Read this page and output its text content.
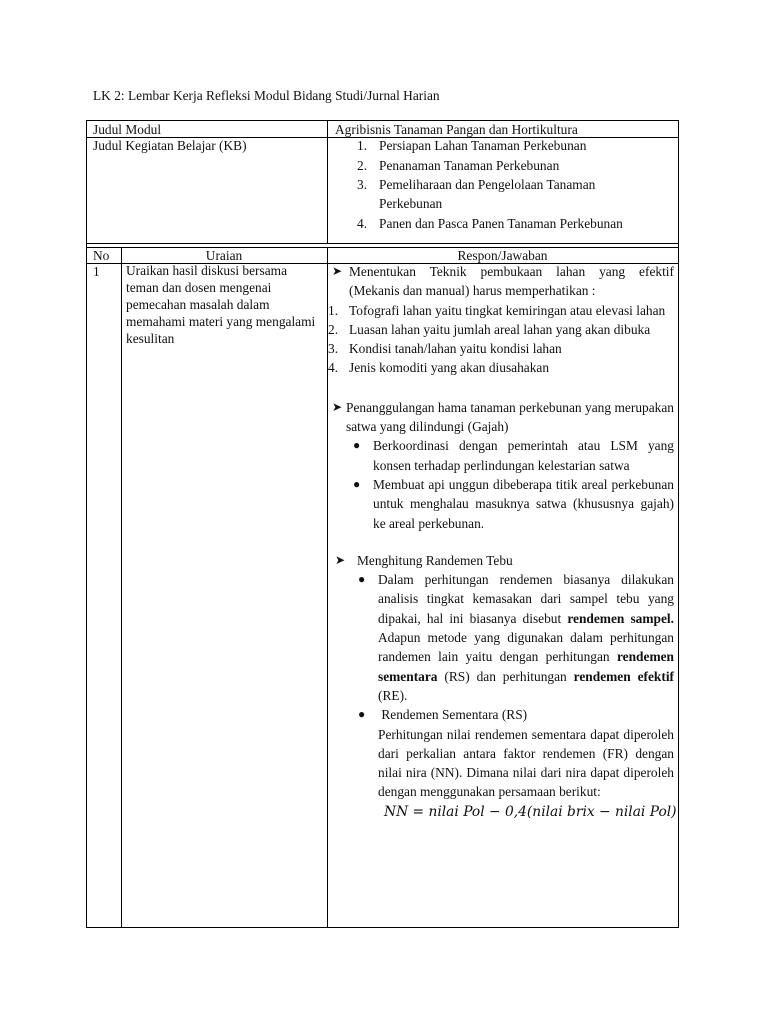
LK 2: Lembar Kerja Refleksi Modul Bidang Studi/Jurnal Harian
Judul Modul	Agribisnis Tanaman Pangan dan Hortikultura
Judul Kegiatan Belajar (KB)	1. Persiapan Lahan Tanaman Perkebunan
2. Penanaman Tanaman Perkebunan
3. Pemeliharaan dan Pengelolaan Tanaman
Perkebunan
4. Panen dan Pasca Panen Tanaman Perkebunan
No	Uraian	Respon/Jawaban
1 Uraikan hasil diskusi bersama teman dan dosen mengenai pemecahan masalah dalam memahami materi yang mengalami kesulitan
➤ Menentukan Teknik pembukaan lahan yang efektif (Mekanis dan manual) harus memperhatikan :
1. Tofografi lahan yaitu tingkat kemiringan atau elevasi lahan
2. Luasan lahan yaitu jumlah areal lahan yang akan dibuka
3. Kondisi tanah/lahan yaitu kondisi lahan
4. Jenis komoditi yang akan diusahakan
➤ Penanggulangan hama tanaman perkebunan yang merupakan satwa yang dilindungi (Gajah)
● Berkoordinasi dengan pemerintah atau LSM yang konsen terhadap perlindungan kelestarian satwa
● Membuat api unggun dibeberapa titik areal perkebunan untuk menghalau masuknya satwa (khususnya gajah) ke areal perkebunan.
➤ Menghitung Randemen Tebu
● Dalam perhitungan rendemen biasanya dilakukan analisis tingkat kemasakan dari sampel tebu yang dipakai, hal ini biasanya disebut rendemen sampel. Adapun metode yang digunakan dalam perhitungan randemen lain yaitu dengan perhitungan rendemen sementara (RS) dan perhitungan rendemen efektif (RE).
● Rendemen Sementara (RS)
Perhitungan nilai rendemen sementara dapat diperoleh dari perkalian antara faktor rendemen (FR) dengan nilai nira (NN). Dimana nilai dari nira dapat diperoleh dengan menggunakan persamaan berikut:
NN = nilai Pol − 0,4(nilai brix − nilai Pol)
